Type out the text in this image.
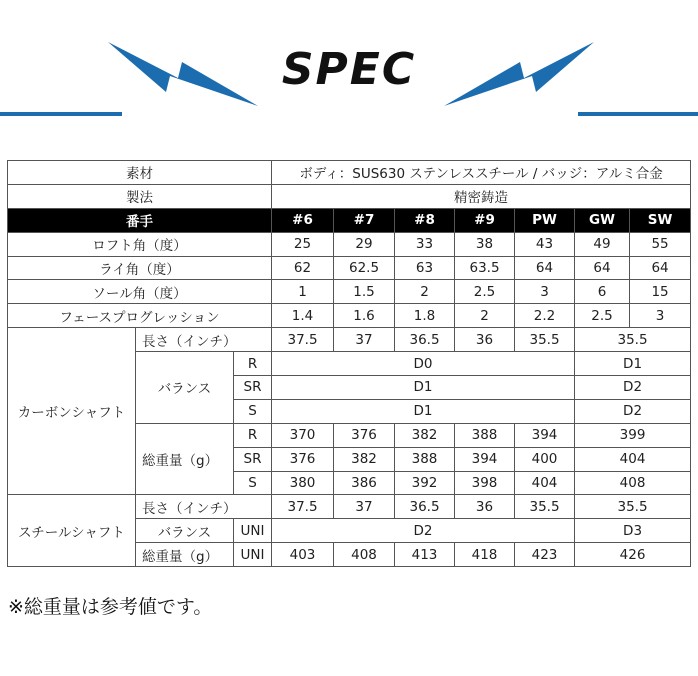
SPEC
素材			ボディ：SUS630 ステンレススチール / バッジ：アルミ合金						
製法			精密鋳造						
番手			#6	#7	#8	#9	PW	GW	SW
ロフト角（度）			25	29	33	38	43	49	55
ライ角（度）			62	62.5	63	63.5	64	64	64
ソール角（度）			1	1.5	2	2.5	3	6	15
フェースプログレッション			1.4	1.6	1.8	2	2.2	2.5	3
カーボンシャフト	長さ（インチ）		37.5	37	36.5	36	35.5	35.5	
	バランス	R	D0					D1	
		SR	D1					D2	
		S	D1					D2	
	総重量（g）	R	370	376	382	388	394	399	
		SR	376	382	388	394	400	404	
		S	380	386	392	398	404	408	
スチールシャフト	長さ（インチ）		37.5	37	36.5	36	35.5	35.5	
	バランス	UNI	D2					D3	
	総重量（g）	UNI	403	408	413	418	423	426	
※総重量は参考値です。
